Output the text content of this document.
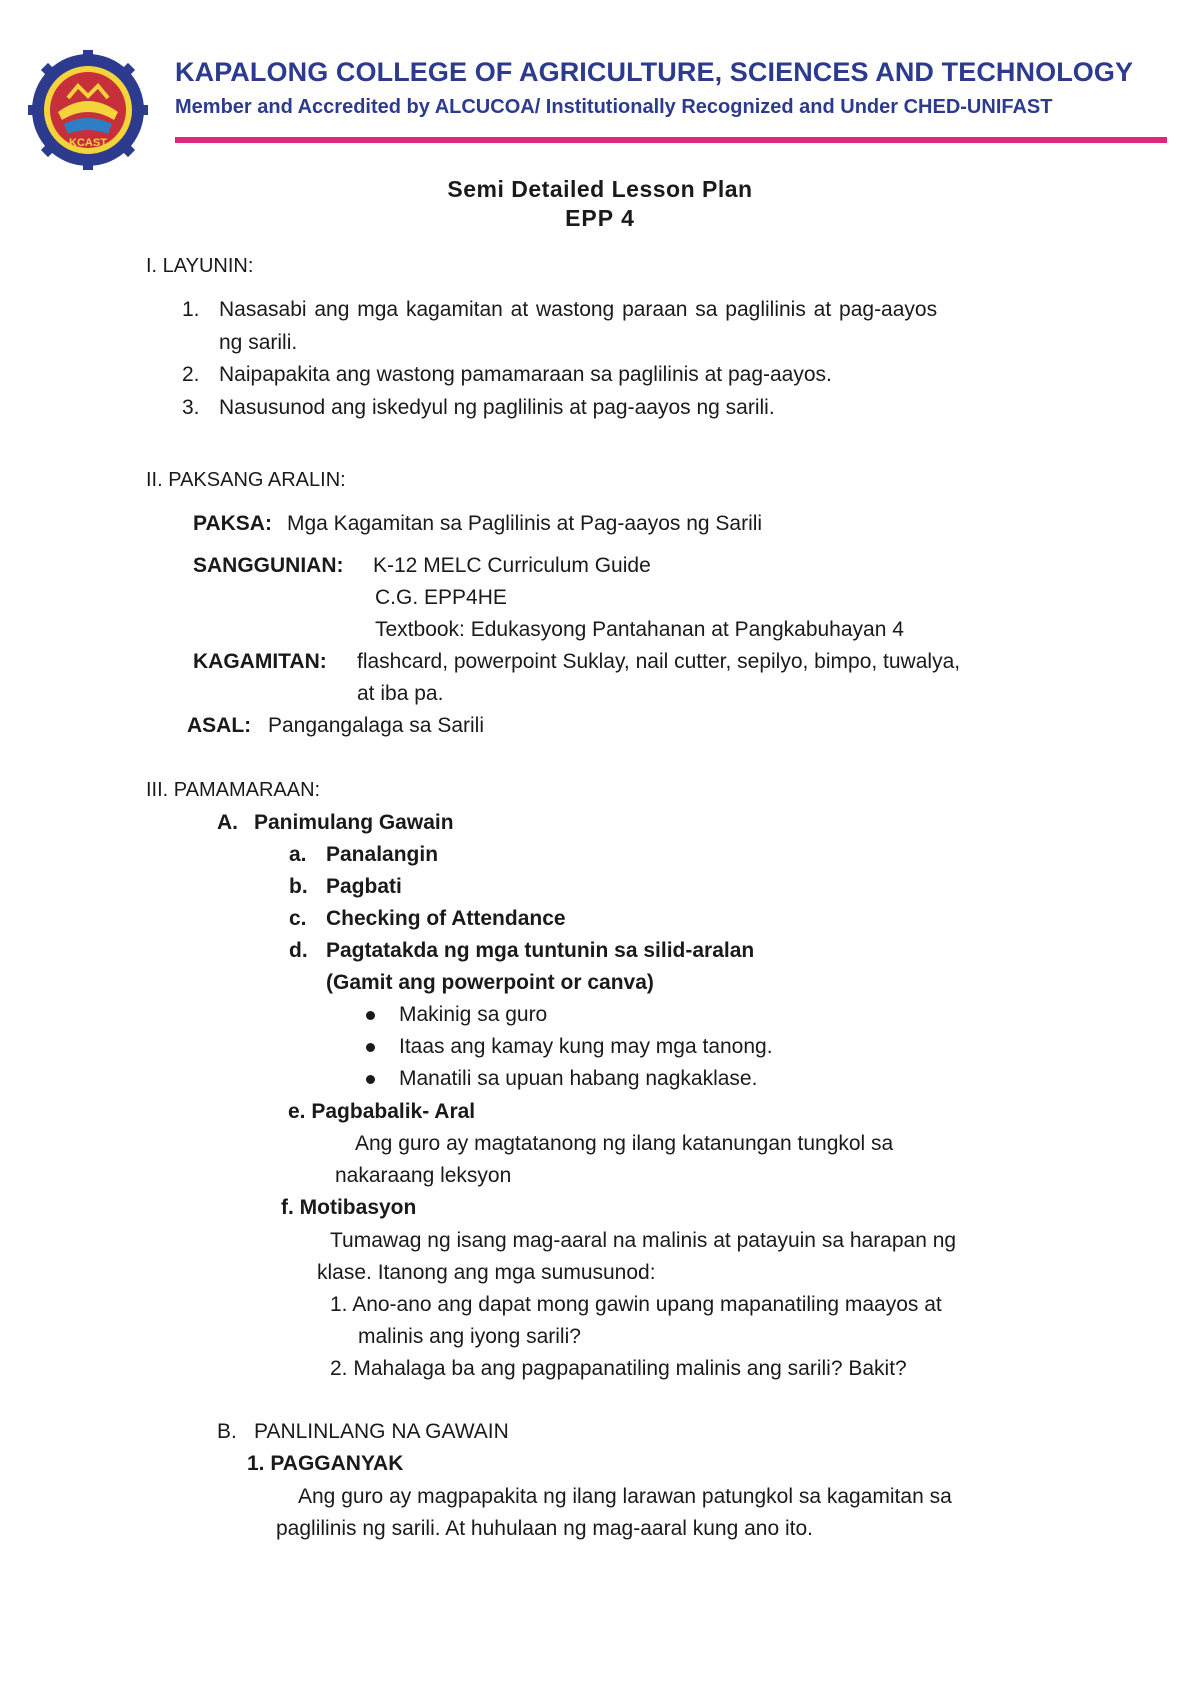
KCAST
KAPALONG COLLEGE OF AGRICULTURE, SCIENCES AND TECHNOLOGY
Member and Accredited by ALCUCOA/ Institutionally Recognized and Under CHED-UNIFAST
Semi Detailed Lesson Plan
EPP 4
I. LAYUNIN:
1. Nasasabi ang mga kagamitan at wastong paraan sa paglilinis at pag-aayos
ng sarili.
2. Naipapakita ang wastong pamamaraan sa paglilinis at pag-aayos.
3. Nasusunod ang iskedyul ng paglilinis at pag-aayos ng sarili.
II. PAKSANG ARALIN:
PAKSA: Mga Kagamitan sa Paglilinis at Pag-aayos ng Sarili
SANGGUNIAN: K-12 MELC Curriculum Guide
C.G. EPP4HE
Textbook: Edukasyong Pantahanan at Pangkabuhayan 4
KAGAMITAN: flashcard, powerpoint Suklay, nail cutter, sepilyo, bimpo, tuwalya,
at iba pa.
ASAL: Pangangalaga sa Sarili
III. PAMAMARAAN:
A. Panimulang Gawain
a. Panalangin
b. Pagbati
c. Checking of Attendance
d. Pagtatakda ng mga tuntunin sa silid-aralan
(Gamit ang powerpoint or canva)
Makinig sa guro
Itaas ang kamay kung may mga tanong.
Manatili sa upuan habang nagkaklase.
e. Pagbabalik- Aral
Ang guro ay magtatanong ng ilang katanungan tungkol sa
nakaraang leksyon
f. Motibasyon
Tumawag ng isang mag-aaral na malinis at patayuin sa harapan ng
klase. Itanong ang mga sumusunod:
1. Ano-ano ang dapat mong gawin upang mapanatiling maayos at
malinis ang iyong sarili?
2. Mahalaga ba ang pagpapanatiling malinis ang sarili? Bakit?
B. PANLINLANG NA GAWAIN
1. PAGGANYAK
Ang guro ay magpapakita ng ilang larawan patungkol sa kagamitan sa
paglilinis ng sarili. At huhulaan ng mag-aaral kung ano ito.
